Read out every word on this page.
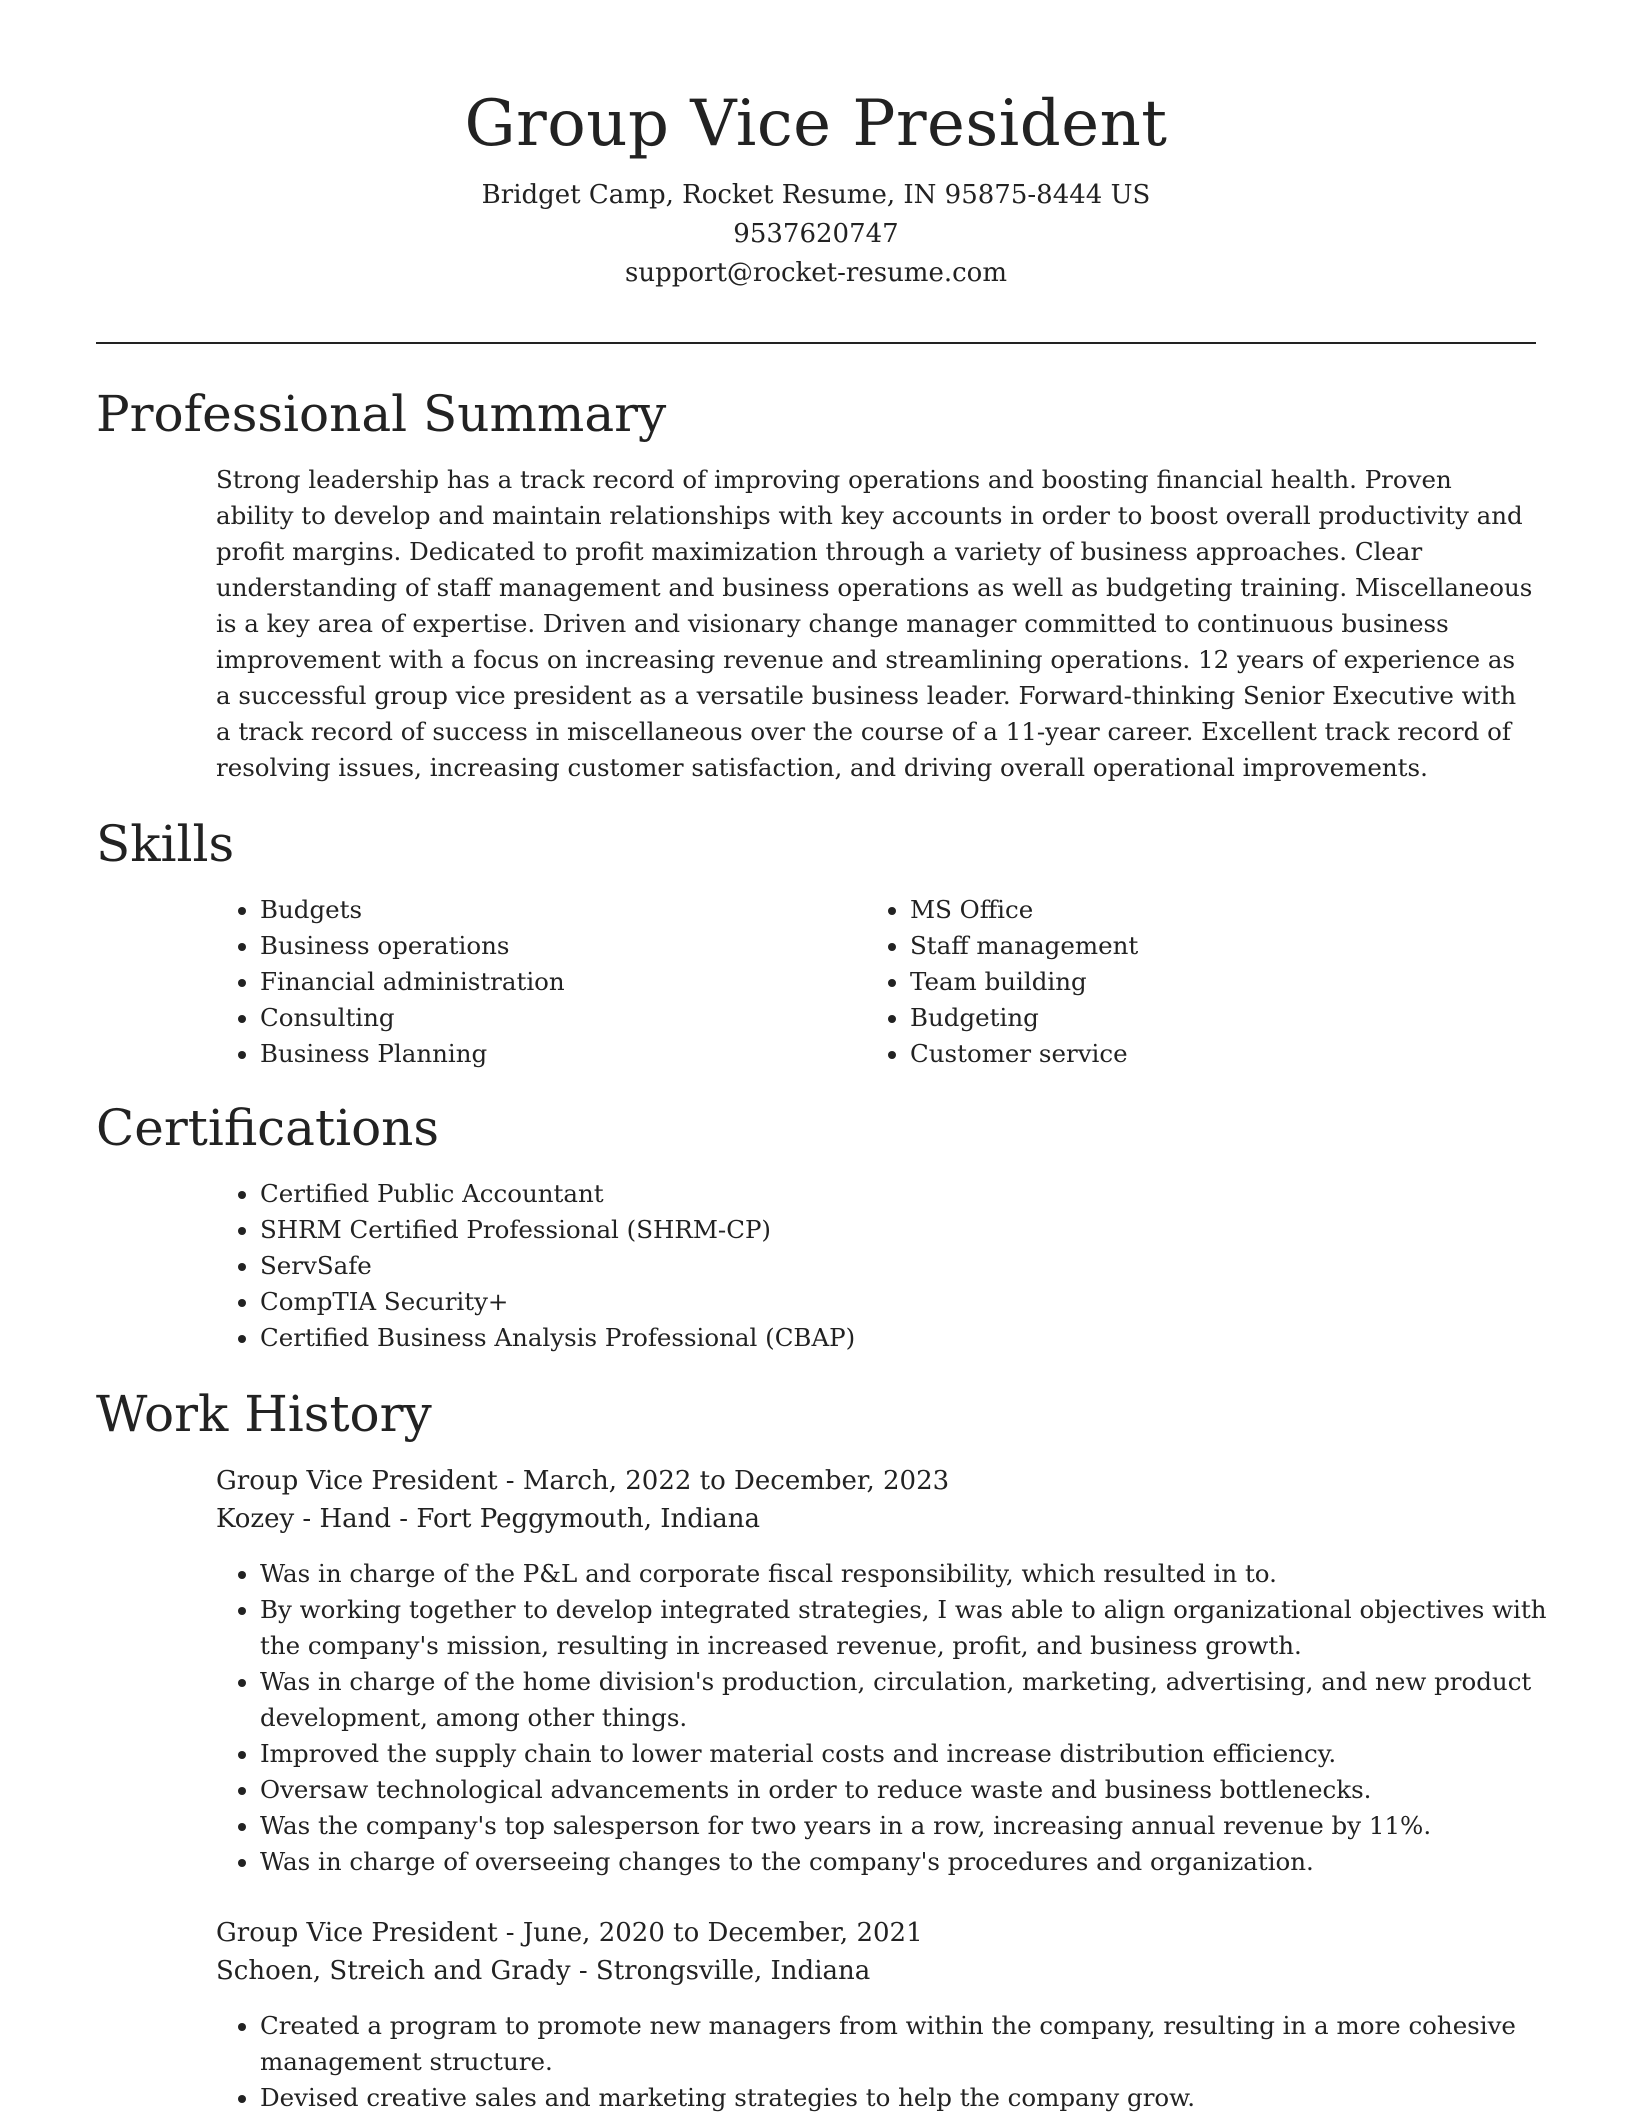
Group Vice President
Bridget Camp, Rocket Resume, IN 95875-8444 US
9537620747
support@rocket-resume.com
Professional Summary
Strong leadership has a track record of improving operations and boosting financial health. Proven ability to develop and maintain relationships with key accounts in order to boost overall productivity and profit margins. Dedicated to profit maximization through a variety of business approaches. Clear understanding of staff management and business operations as well as budgeting training. Miscellaneous is a key area of expertise. Driven and visionary change manager committed to continuous business improvement with a focus on increasing revenue and streamlining operations. 12 years of experience as a successful group vice president as a versatile business leader. Forward-thinking Senior Executive with a track record of success in miscellaneous over the course of a 11-year career. Excellent track record of resolving issues, increasing customer satisfaction, and driving overall operational improvements.
Skills
• Budgets
• Business operations
• Financial administration
• Consulting
• Business Planning
• MS Office
• Staff management
• Team building
• Budgeting
• Customer service
Certifications
• Certified Public Accountant
• SHRM Certified Professional (SHRM-CP)
• ServSafe
• CompTIA Security+
• Certified Business Analysis Professional (CBAP)
Work History
Group Vice President - March, 2022 to December, 2023
Kozey - Hand - Fort Peggymouth, Indiana
• Was in charge of the P&L and corporate fiscal responsibility, which resulted in to.
• By working together to develop integrated strategies, I was able to align organizational objectives with the company's mission, resulting in increased revenue, profit, and business growth.
• Was in charge of the home division's production, circulation, marketing, advertising, and new product development, among other things.
• Improved the supply chain to lower material costs and increase distribution efficiency.
• Oversaw technological advancements in order to reduce waste and business bottlenecks.
• Was the company's top salesperson for two years in a row, increasing annual revenue by 11%.
• Was in charge of overseeing changes to the company's procedures and organization.
Group Vice President - June, 2020 to December, 2021
Schoen, Streich and Grady - Strongsville, Indiana
• Created a program to promote new managers from within the company, resulting in a more cohesive management structure.
• Devised creative sales and marketing strategies to help the company grow.
